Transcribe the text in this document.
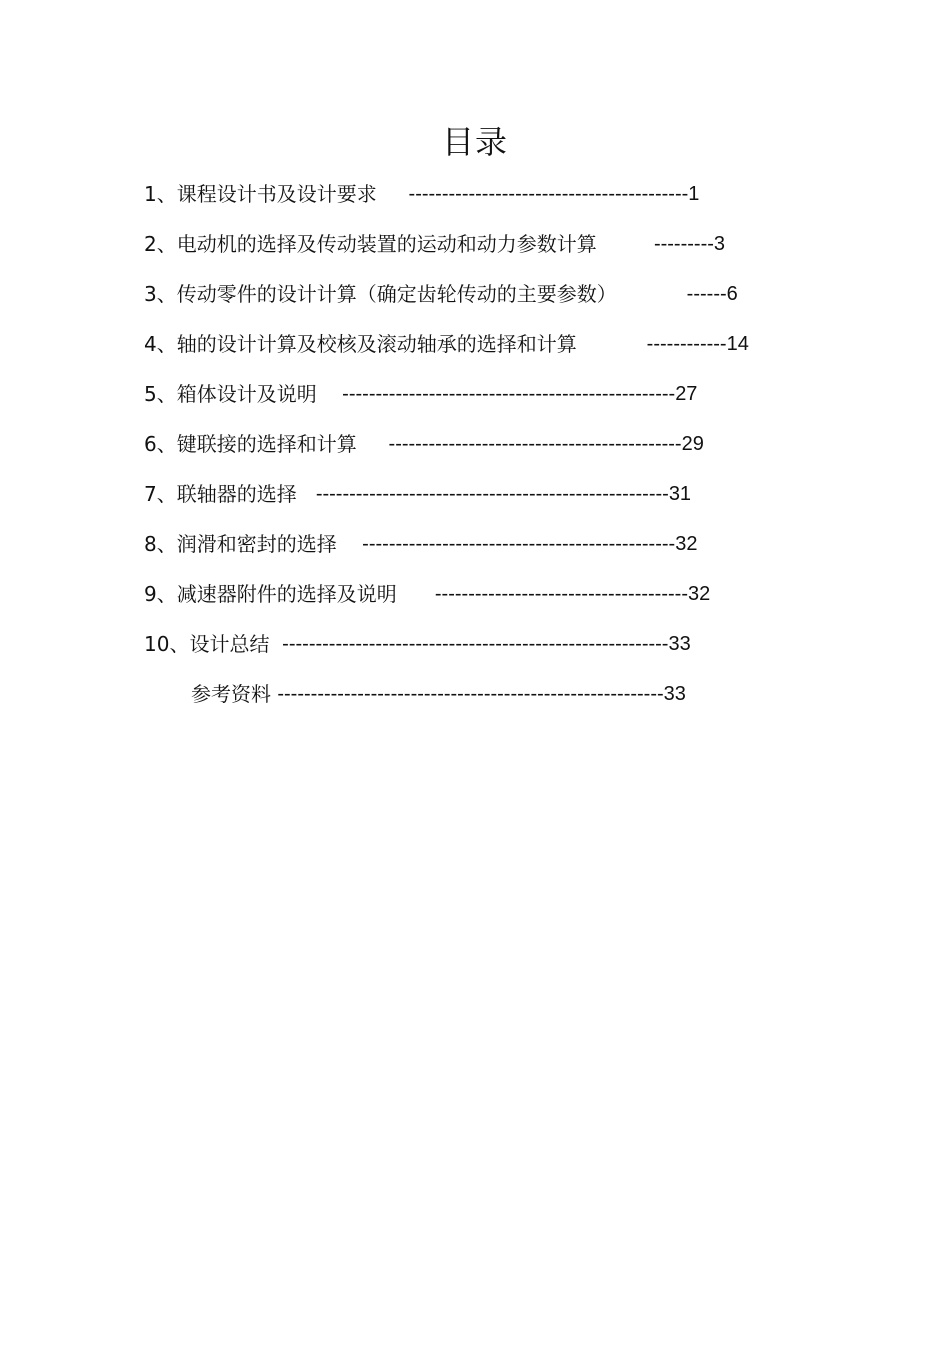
目录
1、课程设计书及设计要求 ------------------------------------------1
2、电动机的选择及传动装置的运动和动力参数计算	---------3
3、传动零件的设计计算（确定齿轮传动的主要参数）	------6
4、轴的设计计算及校核及滚动轴承的选择和计算	------------14
5、箱体设计及说明 --------------------------------------------------27
6、键联接的选择和计算 --------------------------------------------29
7、联轴器的选择 -----------------------------------------------------31
8、润滑和密封的选择 -----------------------------------------------32
9、减速器附件的选择及说明 --------------------------------------32
10、设计总结 ----------------------------------------------------------33
参考资料 ----------------------------------------------------------33
